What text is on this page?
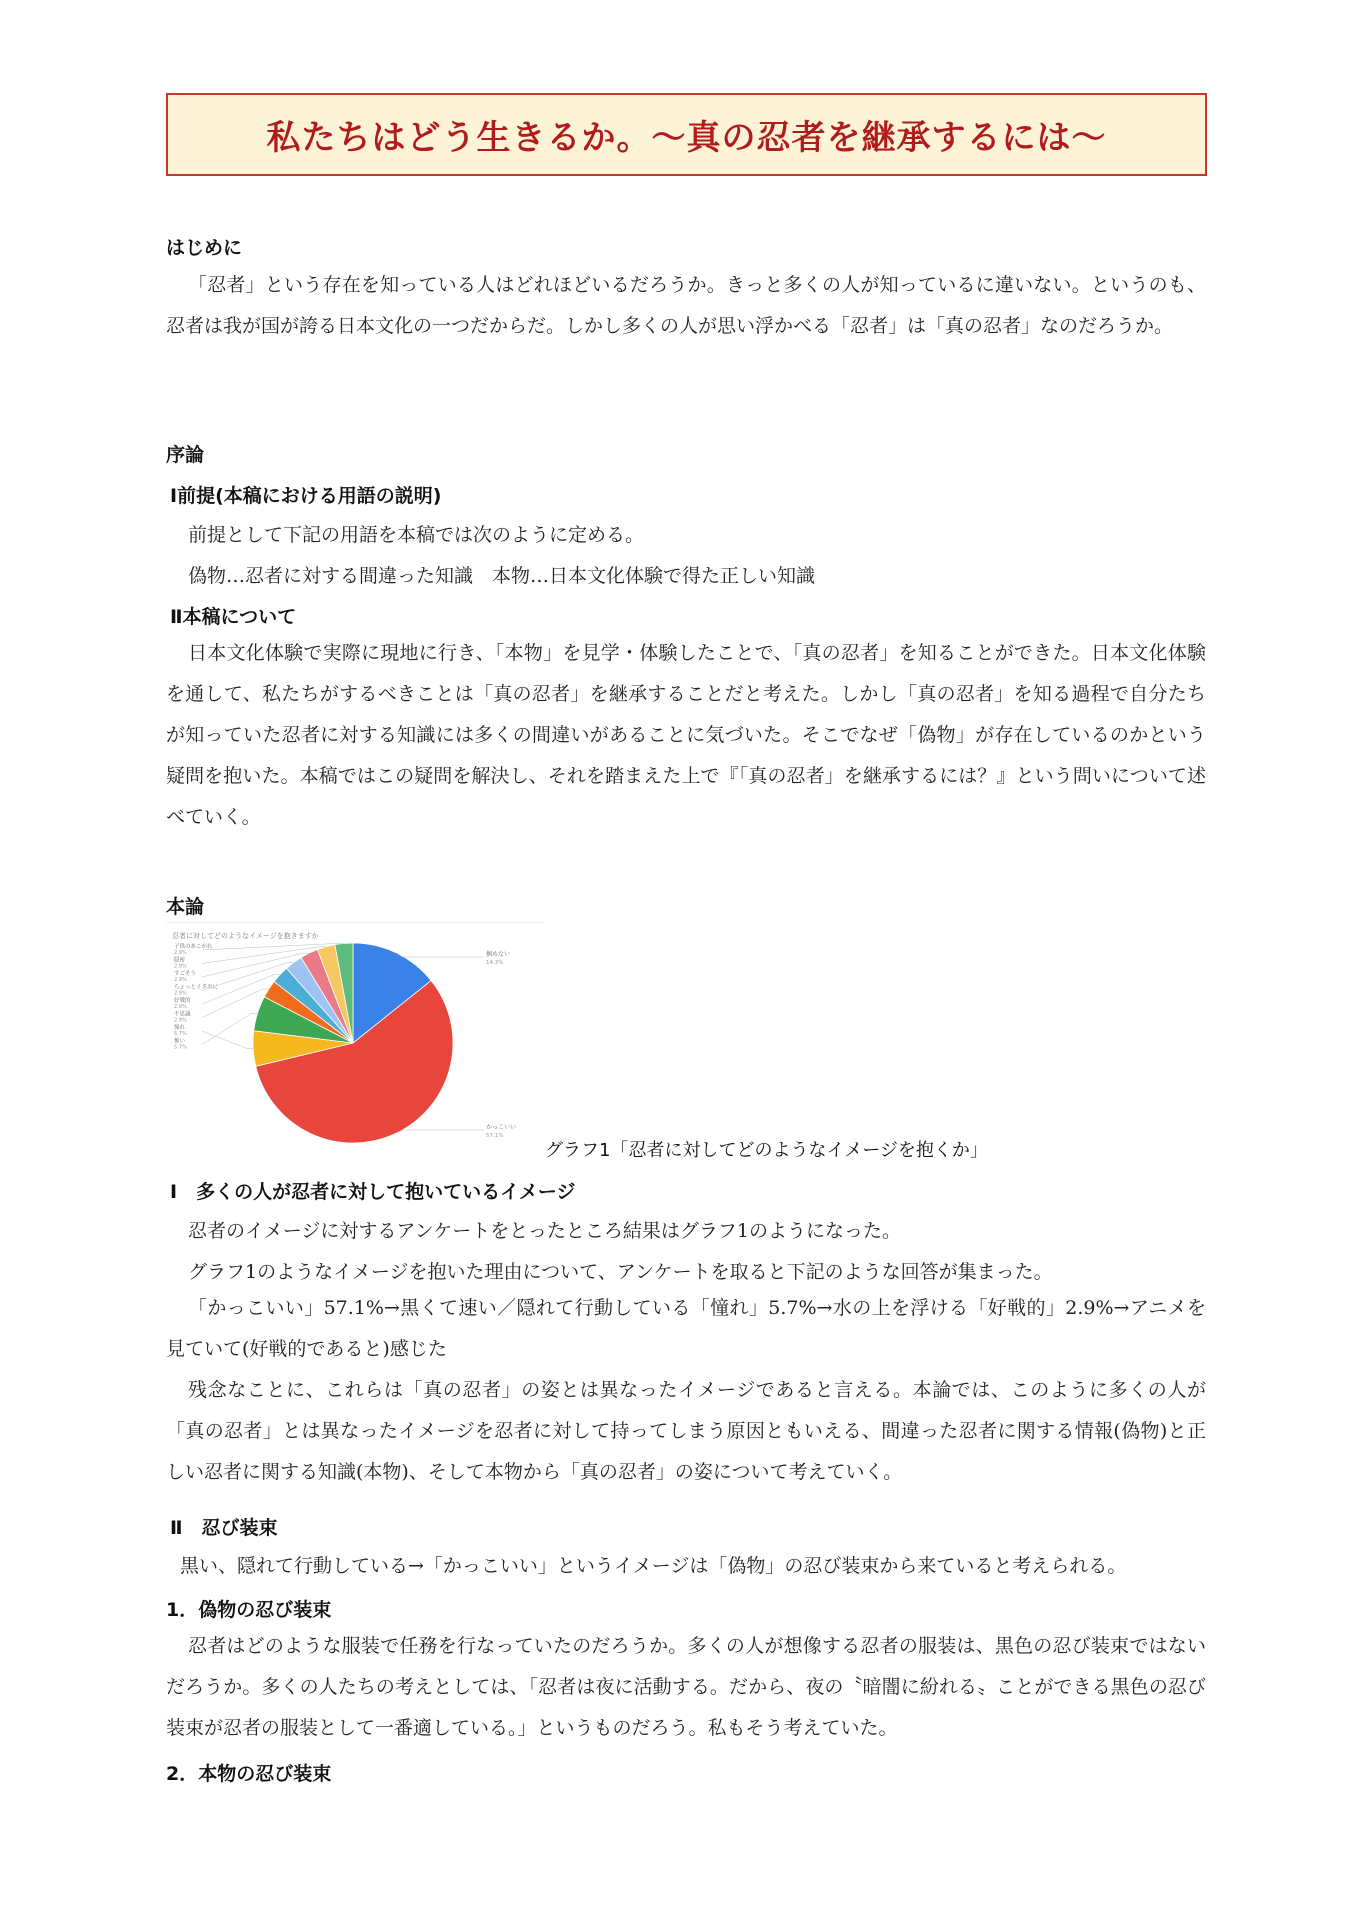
私たちはどう生きるか。～真の忍者を継承するには～
はじめに
「忍者」という存在を知っている人はどれほどいるだろうか。きっと多くの人が知っているに違いない。というのも、忍者は我が国が誇る日本文化の一つだからだ。しかし多くの人が思い浮かべる「忍者」は「真の忍者」なのだろうか。
序論
Ⅰ前提(本稿における用語の説明)
前提として下記の用語を本稿では次のように定める。
偽物…忍者に対する間違った知識　本物…日本文化体験で得た正しい知識
Ⅱ本稿について
日本文化体験で実際に現地に行き、「本物」を見学・体験したことで、「真の忍者」を知ることができた。日本文化体験を通して、私たちがするべきことは「真の忍者」を継承することだと考えた。しかし「真の忍者」を知る過程で自分たちが知っていた忍者に対する知識には多くの間違いがあることに気づいた。そこでなぜ「偽物」が存在しているのかという疑問を抱いた。本稿ではこの疑問を解決し、それを踏まえた上で『「真の忍者」を継承するには？』という問いについて述べていく。
本論
忍者に対してどのようなイメージを抱きますか
掴めない
14.3%
かっこいい
57.1%
子供のあこがれ
2.9%
隠密
2.9%
すごそう
2.9%
ちょっとイタおに
2.9%
好戦的
2.9%
不思議
2.9%
憧れ
5.7%
怖い
5.7%
グラフ1「忍者に対してどのようなイメージを抱くか」
Ⅰ　多くの人が忍者に対して抱いているイメージ
忍者のイメージに対するアンケートをとったところ結果はグラフ1のようになった。
グラフ1のようなイメージを抱いた理由について、アンケートを取ると下記のような回答が集まった。
「かっこいい」57.1%→黒くて速い／隠れて行動している「憧れ」5.7%→水の上を浮ける「好戦的」2.9%→アニメを見ていて(好戦的であると)感じた
残念なことに、これらは「真の忍者」の姿とは異なったイメージであると言える。本論では、このように多くの人が「真の忍者」とは異なったイメージを忍者に対して持ってしまう原因ともいえる、間違った忍者に関する情報(偽物)と正しい忍者に関する知識(本物)、そして本物から「真の忍者」の姿について考えていく。
Ⅱ　忍び装束
黒い、隠れて行動している→「かっこいい」というイメージは「偽物」の忍び装束から来ていると考えられる。
1．偽物の忍び装束
忍者はどのような服装で任務を行なっていたのだろうか。多くの人が想像する忍者の服装は、黒色の忍び装束ではないだろうか。多くの人たちの考えとしては、「忍者は夜に活動する。だから、夜の〝暗闇に紛れる〟ことができる黒色の忍び装束が忍者の服装として一番適している。」というものだろう。私もそう考えていた。
2．本物の忍び装束
